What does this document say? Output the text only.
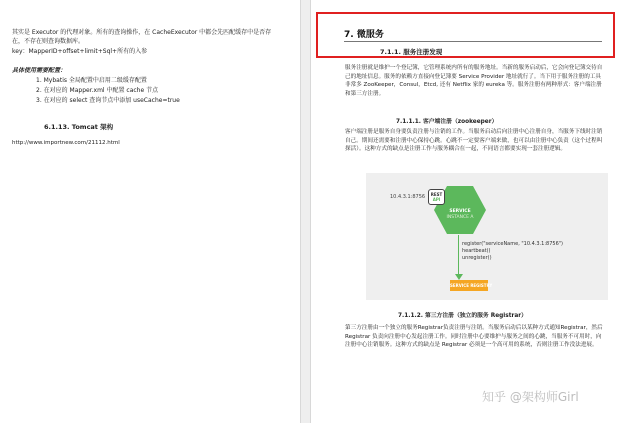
其实是 Executor 的代理对象。所有的查询操作，在 CacheExecutor 中都会先匹配缓存中是否存
在，不存在则查询数据库。
key：MapperID+offset+limit+Sql+所有的入参
具体使用需要配置：
1. Mybatis 全局配置中启用二级缓存配置
2. 在对应的 Mapper.xml 中配置 cache 节点
3. 在对应的 select 查询节点中添加 useCache=true
6.1.13. Tomcat 架构
http://www.importnew.com/21112.html
7. 微服务
7.1.1. 服务注册发现
服务注册就是维护一个登记簿，它管理系统内所有的服务地址。当新的服务启动后，它会向登记簿交待自己的地址信息。服务的依赖方直接向登记簿要 Service Provider 地址就行了。当下用于服务注册的工具非常多 ZooKeeper，Consul，Etcd, 还有 Netflix 家的 eureka 等。服务注册有两种形式：客户端注册和第三方注册。
7.1.1.1. 客户端注册（zookeeper）
客户端注册是服务自身要负责注册与注销的工作。当服务启动后向注册中心注册自身，当服务下线时注销自己。期间还需要和注册中心保持心跳。心跳不一定要客户端来做，也可以由注册中心负责（这个过程叫探活）。这种方式的缺点是注册工作与服务耦合在一起，不同语言都要实现一套注册逻辑。
10.4.3.1:8756	REST
API
SERVICE
INSTANCE A
register("serviceName, "10.4.3.1:8756")
heartbeat()
unregister()
SERVICE REGISTRY
7.1.1.2. 第三方注册（独立的服务 Registrar）
第三方注册由一个独立的服务Registrar负责注册与注销。当服务启动后以某种方式通知Registrar，然后 Registrar 负责向注册中心发起注册工作。同时注册中心要维护与服务之间的心跳，当服务不可用时，向注册中心注销服务。这种方式的缺点是 Registrar 必须是一个高可用的系统，否则注册工作没法进展。
知乎 @架构师Girl
